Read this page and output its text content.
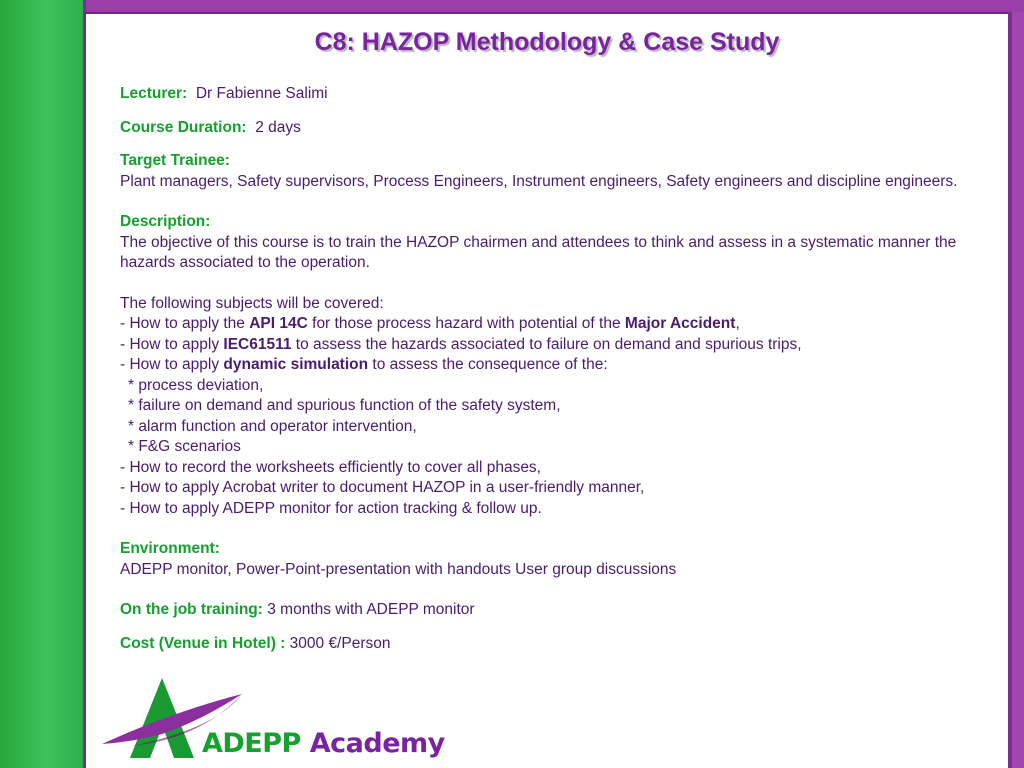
C8: HAZOP Methodology & Case Study

Lecturer: Dr Fabienne Salimi

Course Duration: 2 days

Target Trainee:

Plant managers, Safety supervisors, Process Engineers, Instrument engineers, Safety engineers and discipline engineers.

Description:

The objective of this course is to train the HAZOP chairmen and attendees to think and assess in a systematic manner the hazards associated to the operation.

The following subjects will be covered:

- How to apply the API 14C for those process hazard with potential of the Major Accident,

- How to apply IEC61511 to assess the hazards associated to failure on demand and spurious trips,

- How to apply dynamic simulation to assess the consequence of the:

* process deviation,

* failure on demand and spurious function of the safety system,

* alarm function and operator intervention,

* F&G scenarios

- How to record the worksheets efficiently to cover all phases,

- How to apply Acrobat writer to document HAZOP in a user-friendly manner,

- How to apply ADEPP monitor for action tracking & follow up.

Environment:

ADEPP monitor, Power-Point-presentation with handouts User group discussions

On the job training: 3 months with ADEPP monitor

Cost (Venue in Hotel) : 3000 €/Person

ADEPP Academy
